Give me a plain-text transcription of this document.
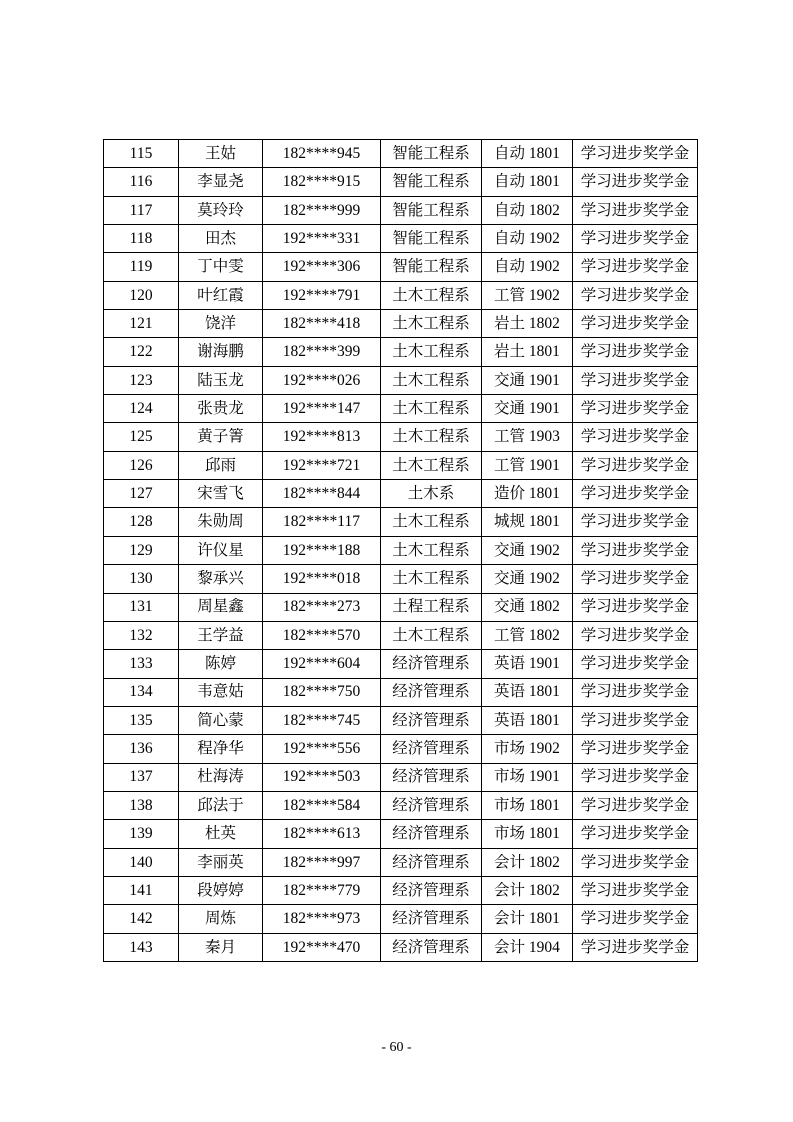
115	王姑	182****945	智能工程系	自动 1801	学习进步奖学金
116	李显尧	182****915	智能工程系	自动 1801	学习进步奖学金
117	莫玲玲	182****999	智能工程系	自动 1802	学习进步奖学金
118	田杰	192****331	智能工程系	自动 1902	学习进步奖学金
119	丁中雯	192****306	智能工程系	自动 1902	学习进步奖学金
120	叶红霞	192****791	土木工程系	工管 1902	学习进步奖学金
121	饶洋	182****418	土木工程系	岩土 1802	学习进步奖学金
122	谢海鹏	182****399	土木工程系	岩土 1801	学习进步奖学金
123	陆玉龙	192****026	土木工程系	交通 1901	学习进步奖学金
124	张贵龙	192****147	土木工程系	交通 1901	学习进步奖学金
125	黄子箐	192****813	土木工程系	工管 1903	学习进步奖学金
126	邱雨	192****721	土木工程系	工管 1901	学习进步奖学金
127	宋雪飞	182****844	土木系	造价 1801	学习进步奖学金
128	朱勋周	182****117	土木工程系	城规 1801	学习进步奖学金
129	许仪星	192****188	土木工程系	交通 1902	学习进步奖学金
130	黎承兴	192****018	土木工程系	交通 1902	学习进步奖学金
131	周星鑫	182****273	土程工程系	交通 1802	学习进步奖学金
132	王学益	182****570	土木工程系	工管 1802	学习进步奖学金
133	陈婷	192****604	经济管理系	英语 1901	学习进步奖学金
134	韦意姑	182****750	经济管理系	英语 1801	学习进步奖学金
135	简心蒙	182****745	经济管理系	英语 1801	学习进步奖学金
136	程净华	192****556	经济管理系	市场 1902	学习进步奖学金
137	杜海涛	192****503	经济管理系	市场 1901	学习进步奖学金
138	邱法于	182****584	经济管理系	市场 1801	学习进步奖学金
139	杜英	182****613	经济管理系	市场 1801	学习进步奖学金
140	李丽英	182****997	经济管理系	会计 1802	学习进步奖学金
141	段婷婷	182****779	经济管理系	会计 1802	学习进步奖学金
142	周炼	182****973	经济管理系	会计 1801	学习进步奖学金
143	秦月	192****470	经济管理系	会计 1904	学习进步奖学金
- 60 -
